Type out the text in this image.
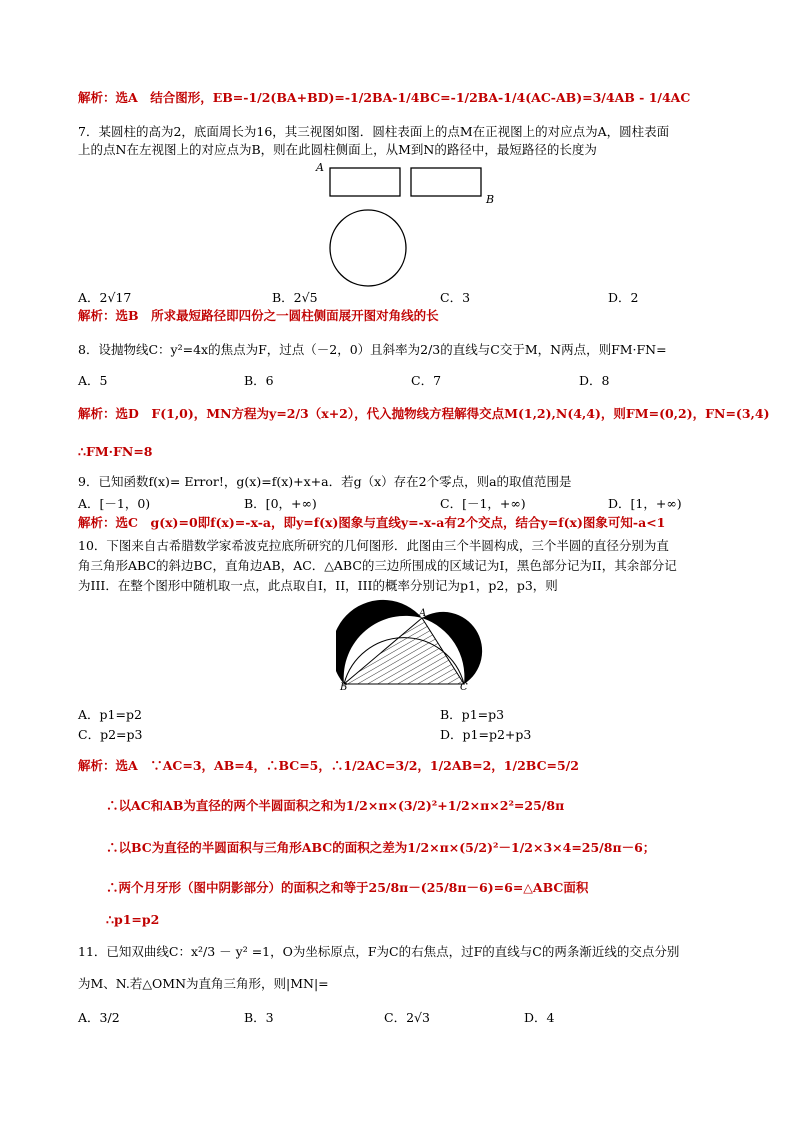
解析：选A　结合图形，EB=-1/2(BA+BD)=-1/2BA-1/4BC=-1/2BA-1/4(AC-AB)=3/4AB - 1/4AC
7．某圆柱的高为2，底面周长为16，其三视图如图．圆柱表面上的点M在正视图上的对应点为A，圆柱表面
上的点N在左视图上的对应点为B，则在此圆柱侧面上，从M到N的路径中，最短路径的长度为
A
B
A．2√17	B．2√5	C．3	D．2
解析：选B　所求最短路径即四份之一圆柱侧面展开图对角线的长
8．设抛物线C：y²=4x的焦点为F，过点（－2，0）且斜率为2/3的直线与C交于M，N两点，则FM·FN=
A．5	B．6	C．7	D．8
解析：选D　F(1,0)，MN方程为y=2/3（x+2），代入抛物线方程解得交点M(1,2),N(4,4)，则FM=(0,2)，FN=(3,4)
∴FM·FN=8
9．已知函数f(x)= Error!，g(x)=f(x)+x+a．若g（x）存在2个零点，则a的取值范围是
A．[－1，0)	B．[0，+∞)	C．[－1，+∞)	D．[1，+∞)
解析：选C　g(x)=0即f(x)=-x-a，即y=f(x)图象与直线y=-x-a有2个交点，结合y=f(x)图象可知-a<1
10．下图来自古希腊数学家希波克拉底所研究的几何图形．此图由三个半圆构成，三个半圆的直径分别为直
角三角形ABC的斜边BC，直角边AB，AC．△ABC的三边所围成的区域记为I，黑色部分记为II，其余部分记
为III．在整个图形中随机取一点，此点取自I，II，III的概率分别记为p1，p2，p3，则
A
B	C
A．p1=p2	B．p1=p3
C．p2=p3	D．p1=p2+p3
解析：选A　∵AC=3，AB=4，∴BC=5，∴1/2AC=3/2，1/2AB=2，1/2BC=5/2
∴以AC和AB为直径的两个半圆面积之和为1/2×π×(3/2)²+1/2×π×2²=25/8π
∴以BC为直径的半圆面积与三角形ABC的面积之差为1/2×π×(5/2)²－1/2×3×4=25/8π－6；
∴两个月牙形（图中阴影部分）的面积之和等于25/8π－(25/8π－6)=6=△ABC面积
∴p1=p2
11．已知双曲线C：x²/3 － y² =1，O为坐标原点，F为C的右焦点，过F的直线与C的两条渐近线的交点分别
为M、N.若△OMN为直角三角形，则|MN|=
A．3/2	B．3	C．2√3	D．4
